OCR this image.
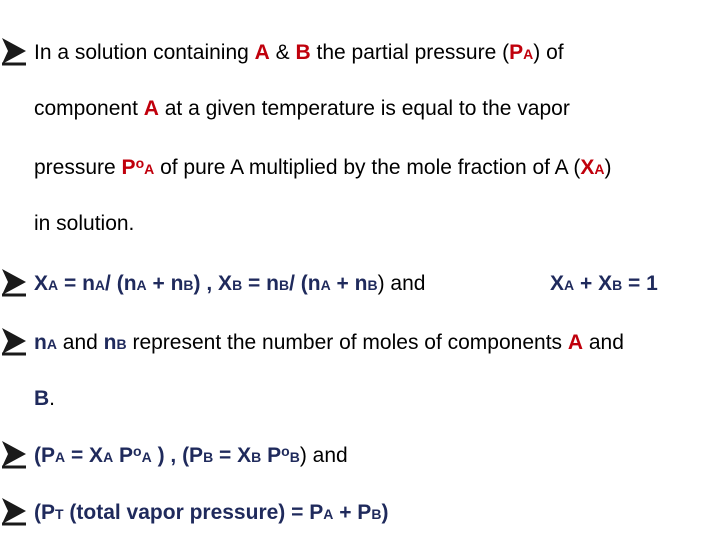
In a solution containing A & B the partial pressure (PA) of
component A at a given temperature is equal to the vapor
pressure $P^oA$ of pure A multiplied by the mole fraction of A (XA)
in solution.
XA = nA/ (nA + nB) , XB = nB/ (nA + nB) and	XA + XB = 1
nA and nB represent the number of moles of components A and
B.
(PA = XA $P^oA$ ) , (PB = XB $P^oB$) and
(PT (total vapor pressure) = PA + PB)
